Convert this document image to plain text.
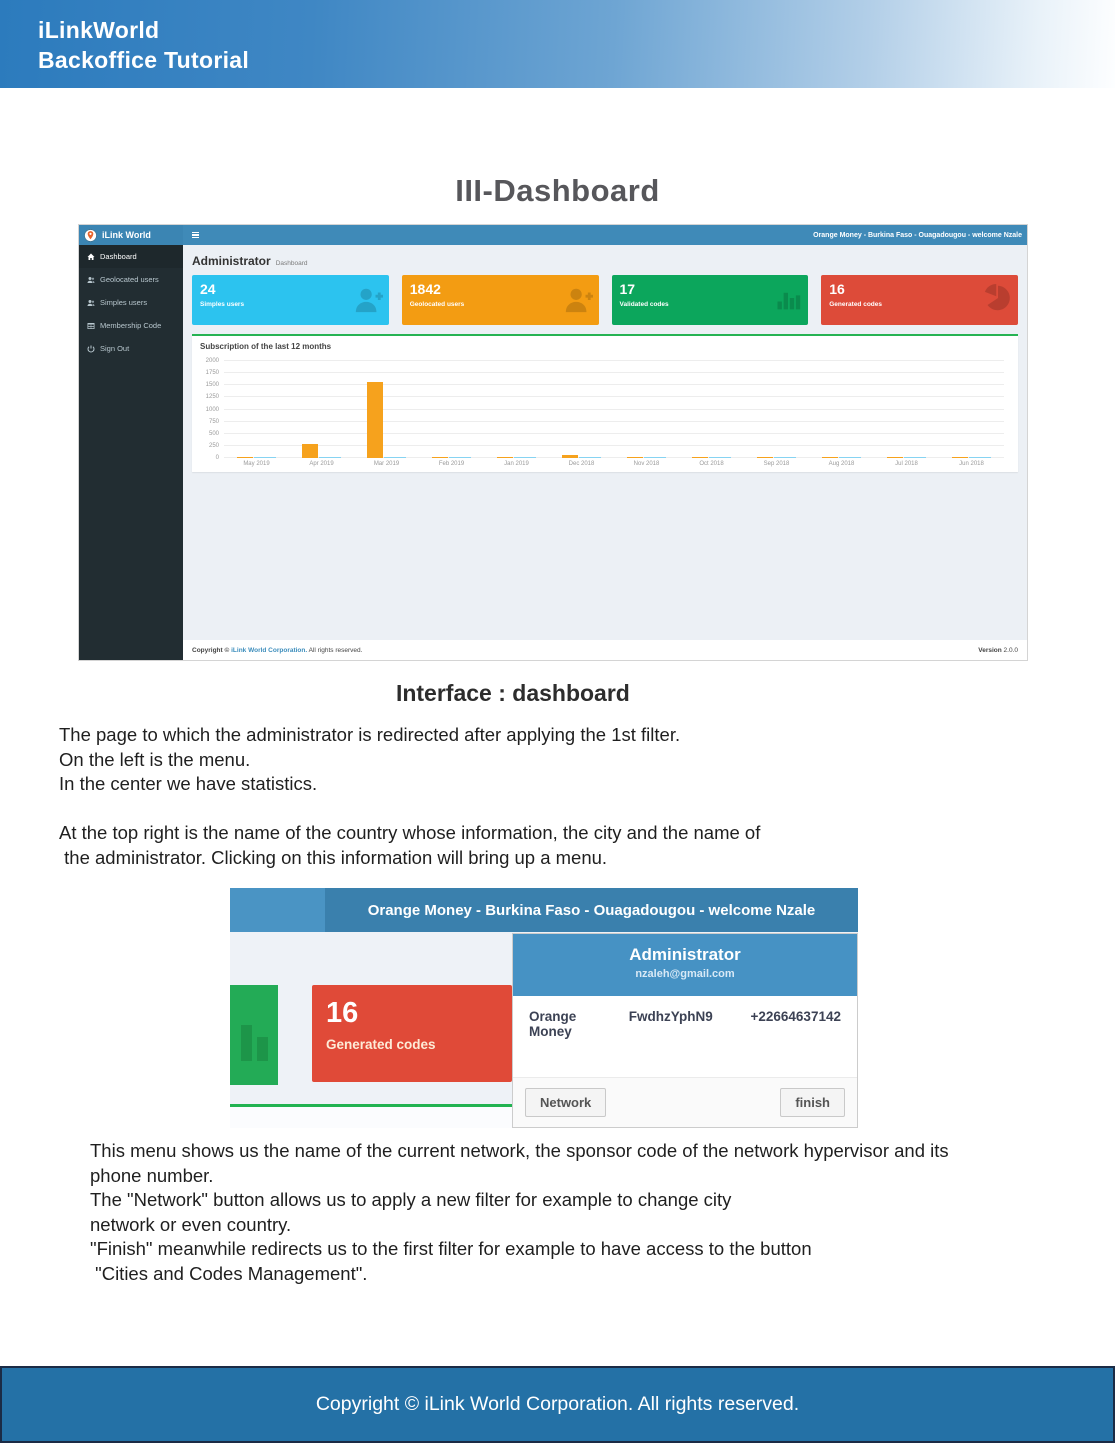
iLinkWorld
Backoffice Tutorial
III-Dashboard
iLink World	Orange Money - Burkina Faso - Ouagadougou - welcome Nzale
Dashboard
Geolocated users
Simples users
Membership Code
Sign Out
Administrator Dashboard
24
Simples users
1842
Geolocated users
17
Validated codes
16
Generated codes
Subscription of the last 12 months
0
250
500
750
1000
1250
1500
1750
2000
May 2019	Apr 2019	Mar 2019	Feb 2019	Jan 2019	Dec 2018	Nov 2018	Oct 2018	Sep 2018	Aug 2018	Jul 2018	Jun 2018
Copyright © iLink World Corporation. All rights reserved.	Version 2.0.0
Interface : dashboard
The page to which the administrator is redirected after applying the 1st filter.
On the left is the menu.
In the center we have statistics.
At the top right is the name of the country whose information, the city and the name of
the administrator. Clicking on this information will bring up a menu.
Orange Money - Burkina Faso - Ouagadougou - welcome Nzale
16
Generated codes
Administrator
nzaleh@gmail.com
Orange Money
FwdhzYphN9	+22664637142
Network	finish
This menu shows us the name of the current network, the sponsor code of the network hypervisor and its
phone number.
The "Network" button allows us to apply a new filter for example to change city
network or even country.
"Finish" meanwhile redirects us to the first filter for example to have access to the button
"Cities and Codes Management".
Copyright © iLink World Corporation. All rights reserved.
